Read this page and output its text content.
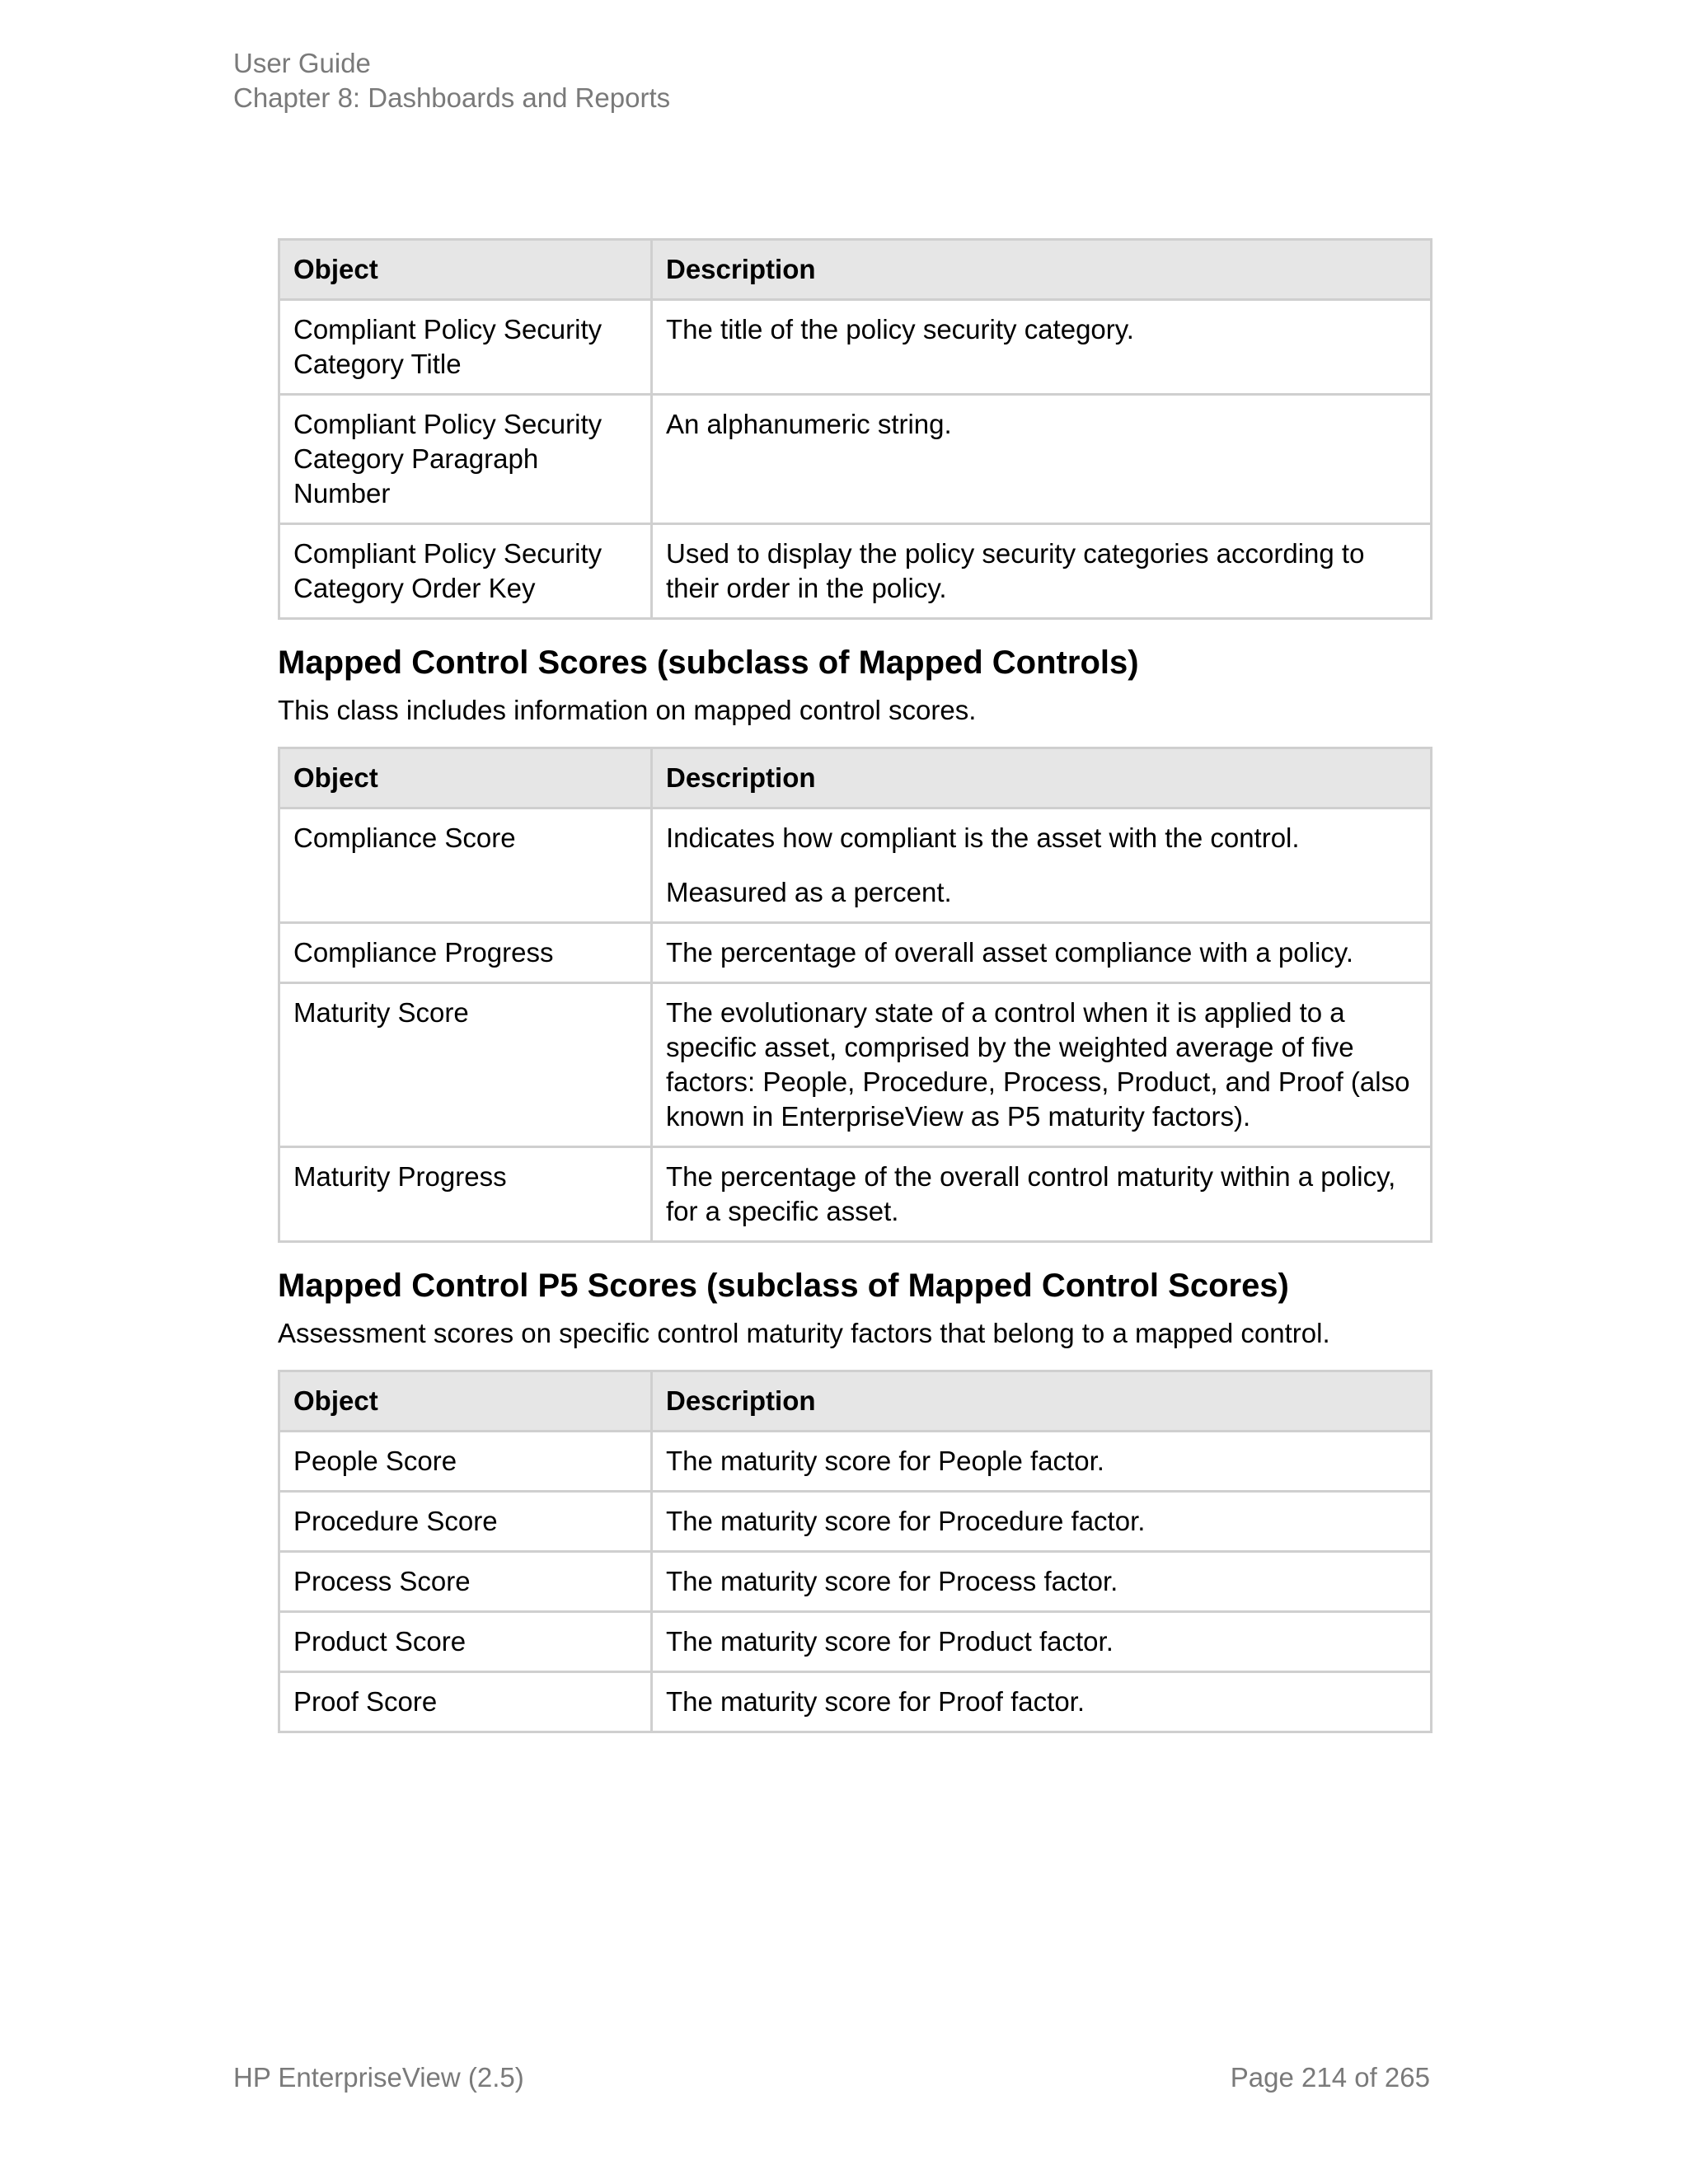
User Guide
Chapter 8: Dashboards and Reports
Object	Description
Compliant Policy Security Category Title	The title of the policy security category.

Compliant Policy Security Category Paragraph Number	An alphanumeric string.

Compliant Policy Security Category Order Key	Used to display the policy security categories according to their order in the policy.

Mapped Control Scores (subclass of Mapped Controls)

This class includes information on mapped control scores.

Object	Description
Compliance Score	Indicates how compliant is the asset with the control.

Measured as a percent.

Compliance Progress	The percentage of overall asset compliance with a policy.

Maturity Score	The evolutionary state of a control when it is applied to a specific asset, comprised by the weighted average of five factors: People, Procedure, Process, Product, and Proof (also known in EnterpriseView as P5 maturity factors).

Maturity Progress	The percentage of the overall control maturity within a policy, for a specific asset.

Mapped Control P5 Scores (subclass of Mapped Control Scores)

Assessment scores on specific control maturity factors that belong to a mapped control.

Object	Description
People Score	The maturity score for People factor.

Procedure Score	The maturity score for Procedure factor.

Process Score	The maturity score for Process factor.

Product Score	The maturity score for Product factor.

Proof Score	The maturity score for Proof factor.

HP EnterpriseView (2.5)	Page 214 of 265
